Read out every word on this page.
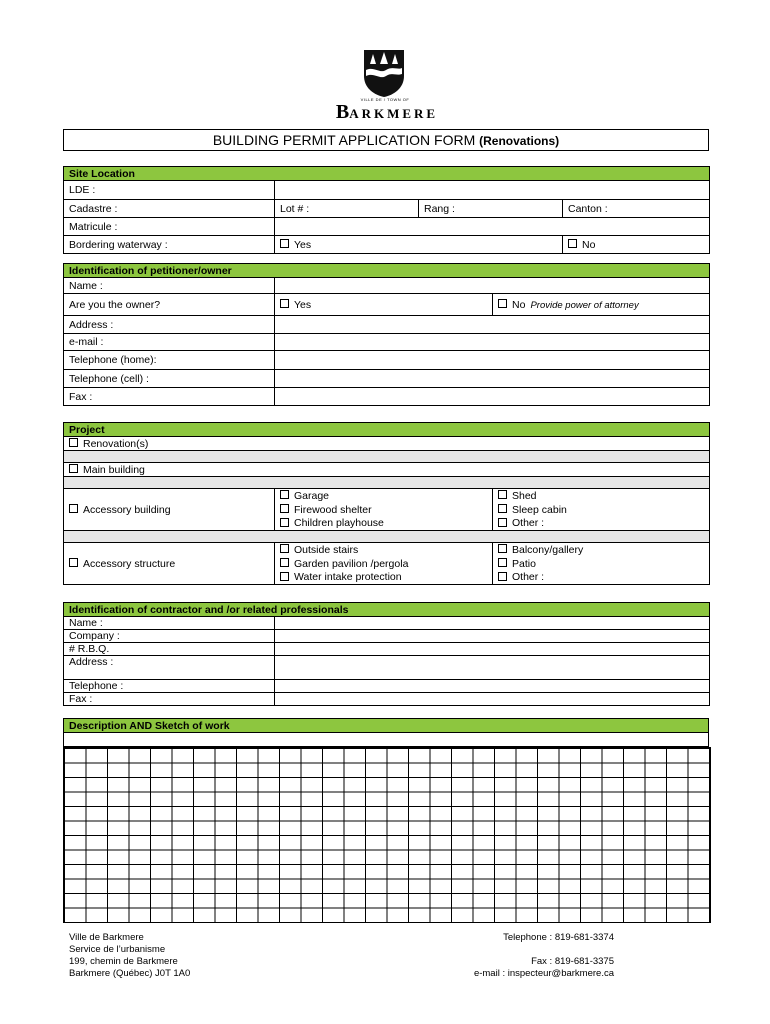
VILLE DE / TOWN OF
BARKMERE
BUILDING PERMIT APPLICATION FORM (Renovations)
Site Location			
LDE :			
Cadastre :	Lot # :	Rang :	Canton :
Matricule :			
Bordering waterway :	Yes		No
Identification of petitioner/owner		
Name :		
Are you the owner?	Yes	No Provide power of attorney
Address :		
e-mail :		
Telephone (home):		
Telephone (cell) :		
Fax :		
Project		
Renovation(s)		

Main building		

Accessory building	Garage	Shed
	Firewood shelter	Sleep cabin
	Children playhouse	Other :

Accessory structure	Outside stairs	Balcony/gallery
	Garden pavilion /pergola	Patio
	Water intake protection	Other :
Identification of contractor and /or related professionals	
Name :	
Company :	
# R.B.Q.	
Address :	
Telephone :	
Fax :	
Description AND Sketch of work

Ville de Barkmere
Service de l’urbanisme
199, chemin de Barkmere
Barkmere (Québec) J0T 1A0
Telephone : 819-681-3374
Fax : 819-681-3375
e-mail : inspecteur@barkmere.ca
